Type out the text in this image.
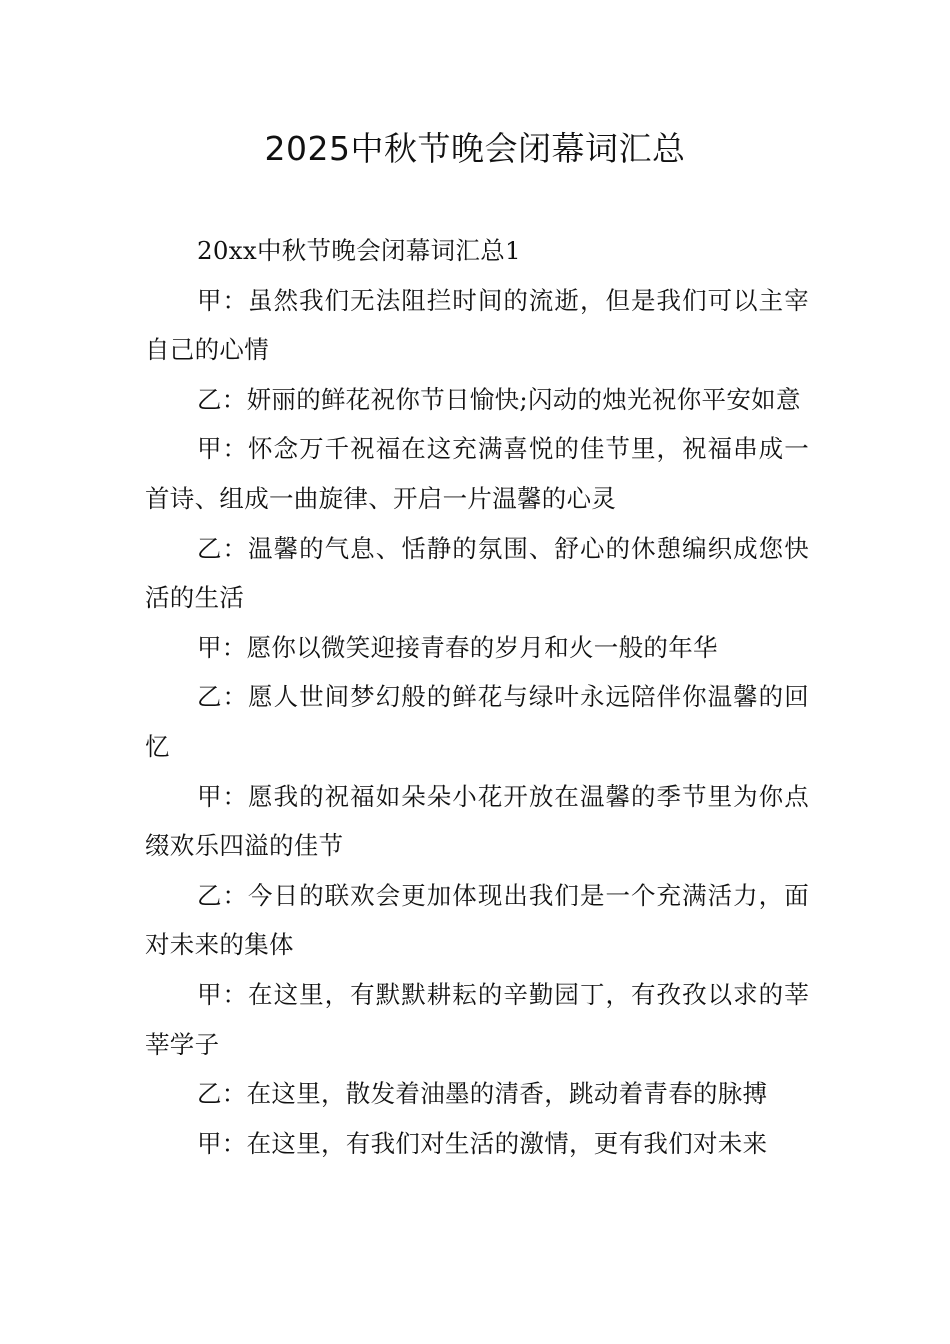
2025中秋节晚会闭幕词汇总

20xx中秋节晚会闭幕词汇总1

甲：虽然我们无法阻拦时间的流逝，但是我们可以主宰自己的心情

乙：妍丽的鲜花祝你节日愉快;闪动的烛光祝你平安如意

甲：怀念万千祝福在这充满喜悦的佳节里，祝福串成一首诗、组成一曲旋律、开启一片温馨的心灵

乙：温馨的气息、恬静的氛围、舒心的休憩编织成您快活的生活

甲：愿你以微笑迎接青春的岁月和火一般的年华

乙：愿人世间梦幻般的鲜花与绿叶永远陪伴你温馨的回忆

甲：愿我的祝福如朵朵小花开放在温馨的季节里为你点缀欢乐四溢的佳节

乙：今日的联欢会更加体现出我们是一个充满活力，面对未来的集体

甲：在这里，有默默耕耘的辛勤园丁，有孜孜以求的莘莘学子

乙：在这里，散发着油墨的清香，跳动着青春的脉搏

甲：在这里，有我们对生活的激情，更有我们对未来
